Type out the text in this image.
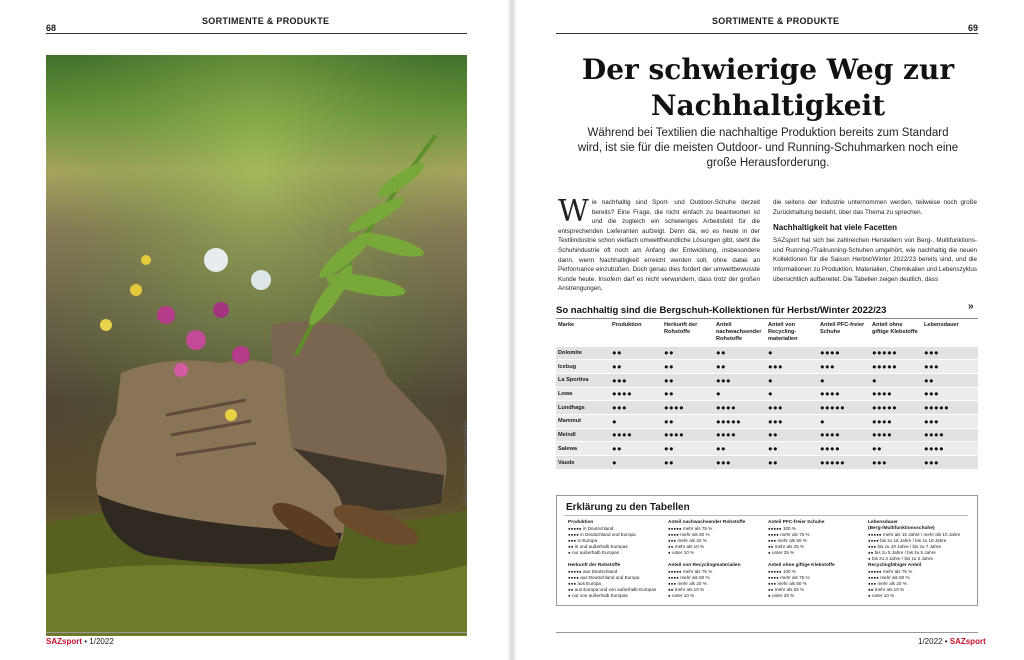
68
SORTIMENTE & PRODUKTE
Foto: Shutterstock / Juhana Kustiblant
SAZsport • 1/2022
69
SORTIMENTE & PRODUKTE
Der schwierige Weg zur Nachhaltigkeit

Während bei Textilien die nachhaltige Produktion bereits zum Standard wird, ist sie für die meisten Outdoor- und Running-Schuhmarken noch eine große Herausforderung.

Wie nachhaltig sind Sport- und Outdoor-Schuhe derzeit bereits? Eine Frage, die nicht einfach zu beantworten ist und die zugleich ein schwieriges Arbeitsfeld für die entsprechenden Lieferanten aufzeigt. Denn da, wo es heute in der Textilindustrie schon vielfach umweltfreundliche Lösungen gibt, steht die Schuhindustrie oft noch am Anfang der Entwicklung, insbesondere dann, wenn Nachhaltigkeit erreicht werden soll, ohne dabei an Performance einzubüßen. Doch genau dies fordert der umweltbewusste Kunde heute. Insofern darf es nicht verwundern, dass trotz der großen Anstrengungen,

die seitens der Industrie unternommen werden, teilweise noch große Zurückhaltung besteht, über das Thema zu sprechen.

Nachhaltigkeit hat viele Facetten

SAZsport hat sich bei zahlreichen Herstellern von Berg-, Multifunktions- und Running-/Trailrunning-Schuhen umgehört, wie nachhaltig die neuen Kollektionen für die Saison Herbst/Winter 2022/23 bereits sind, und die Informationen zu Produktion, Materialien, Chemikalien und Lebenszyklus übersichtlich aufbereitet. Die Tabellen zeigen deutlich, dass

»
So nachhaltig sind die Bergschuh-Kollektionen für Herbst/Winter 2022/23
Marke	Produktion	Herkunft der Rohstoffe	Anteil nachwachsender Rohstoffe	Anteil von Recycling-materialien	Anteil PFC-freier Schuhe	Anteil ohne giftige Klebstoffe	Lebensdauer
Dolomite	●●	●●	●●	●	●●●●	●●●●●	●●●
Icebug	●●	●●	●●	●●●	●●●	●●●●●	●●●
La Sportiva	●●●	●●	●●●	●	●	●	●●
Lowa	●●●●	●●	●	●	●●●●	●●●●	●●●
Lundhags	●●●	●●●●	●●●●	●●●	●●●●●	●●●●●	●●●●●
Mammut	●	●●	●●●●●	●●●	●	●●●●	●●●
Meindl	●●●●	●●●●	●●●●	●●	●●●●	●●●●	●●●●
Salewa	●●	●●	●●	●●	●●●●	●●	●●●●
Vaude	●	●●	●●●	●●	●●●●●	●●●	●●●
Erklärung zu den Tabellen
Produktion
●●●●● in Deutschland
●●●● in Deutschland und Europa
●●● in Europa
●● in und außerhalb Europas
● nur außerhalb Europas
Anteil nachwachsender Rohstoffe
●●●●● mehr als 75 %
●●●● mehr als 50 %
●●● mehr als 20 %
●● mehr als 10 %
● unter 10 %
Anteil PFC-freier Schuhe
●●●●● 100 %
●●●● mehr als 75 %
●●● mehr als 50 %
●● mehr als 25 %
● unter 25 %
Lebensdauer (Berg-/Multifunktionsschuhe)
●●●●● mehr als 15 Jahre / mehr als 10 Jahre
●●●● bis zu 15 Jahre / bis zu 10 Jahre
●●● bis zu 10 Jahre / bis zu 7 Jahre
●● bis zu 5 Jahre / bis zu 5 Jahre
● bis zu 3 Jahre / bis zu 2 Jahre
Herkunft der Rohstoffe
●●●●● aus Deutschland
●●●● aus Deutschland und Europa
●●● aus Europa
●● aus Europa und von außerhalb Europas
● nur von außerhalb Europas
Anteil von Recyclingmaterialien
●●●●● mehr als 75 %
●●●● mehr als 50 %
●●● mehr als 20 %
●● mehr als 10 %
● unter 10 %
Anteil ohne giftige Klebstoffe
●●●●● 100 %
●●●● mehr als 75 %
●●● mehr als 50 %
●● mehr als 25 %
● unter 25 %
Recyclingfähiger Anteil
●●●●● mehr als 75 %
●●●● mehr als 50 %
●●● mehr als 20 %
●● mehr als 10 %
● unter 10 %
1/2022 • SAZsport
